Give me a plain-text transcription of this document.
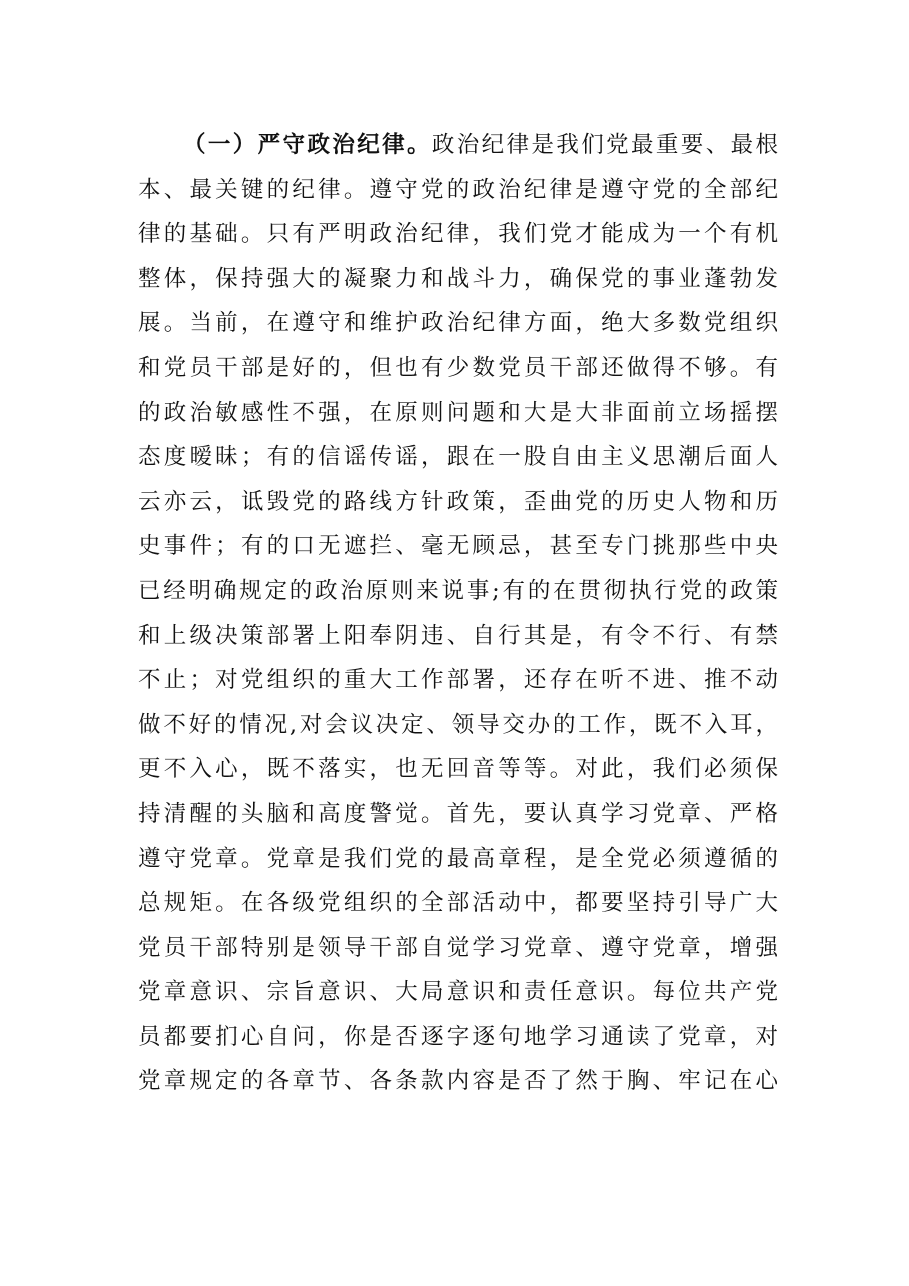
（一）严守政治纪律。政治纪律是我们党最重要、最根
本、最关键的纪律。遵守党的政治纪律是遵守党的全部纪
律的基础。只有严明政治纪律，我们党才能成为一个有机
整体，保持强大的凝聚力和战斗力，确保党的事业蓬勃发
展。当前，在遵守和维护政治纪律方面，绝大多数党组织
和党员干部是好的，但也有少数党员干部还做得不够。有
的政治敏感性不强，在原则问题和大是大非面前立场摇摆
态度暧昧；有的信谣传谣，跟在一股自由主义思潮后面人
云亦云，诋毁党的路线方针政策，歪曲党的历史人物和历
史事件；有的口无遮拦、毫无顾忌，甚至专门挑那些中央
已经明确规定的政治原则来说事;有的在贯彻执行党的政策
和上级决策部署上阳奉阴违、自行其是，有令不行、有禁
不止；对党组织的重大工作部署，还存在听不进、推不动
做不好的情况,对会议决定、领导交办的工作，既不入耳，
更不入心，既不落实，也无回音等等。对此，我们必须保
持清醒的头脑和高度警觉。首先，要认真学习党章、严格
遵守党章。党章是我们党的最高章程，是全党必须遵循的
总规矩。在各级党组织的全部活动中，都要坚持引导广大
党员干部特别是领导干部自觉学习党章、遵守党章，增强
党章意识、宗旨意识、大局意识和责任意识。每位共产党
员都要扪心自问，你是否逐字逐句地学习通读了党章，对
党章规定的各章节、各条款内容是否了然于胸、牢记在心
